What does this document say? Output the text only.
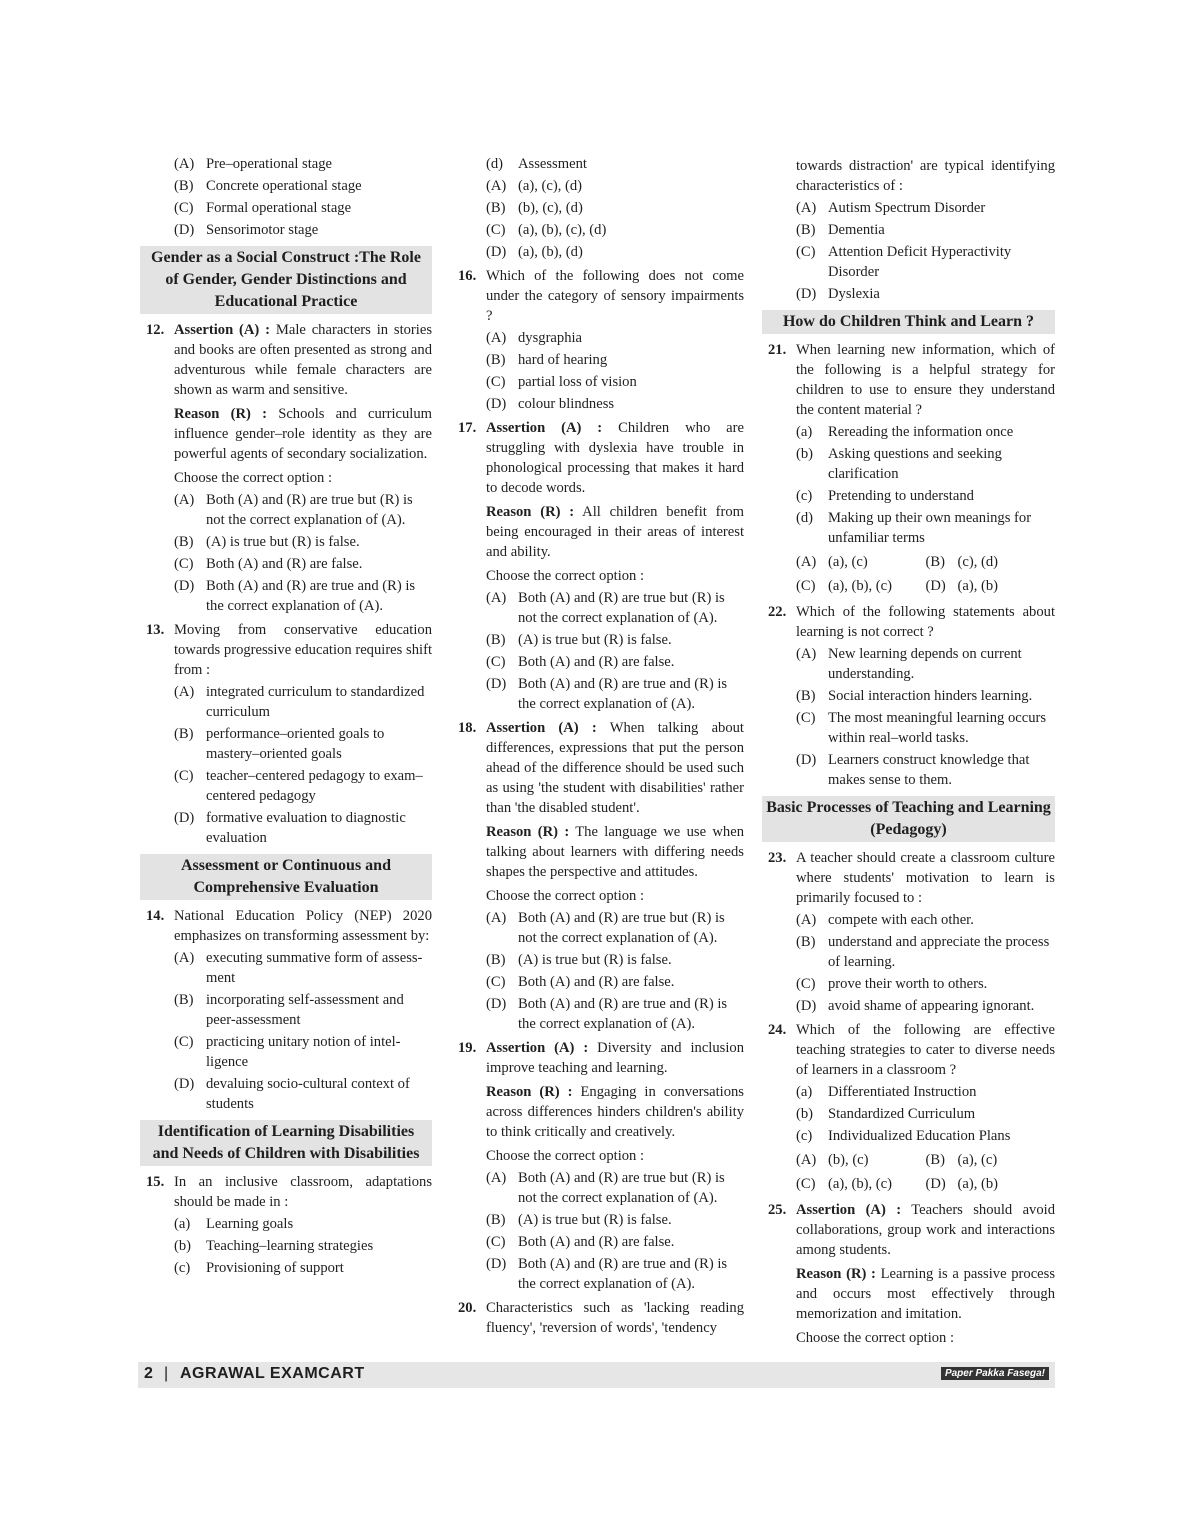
(A) Pre–operational stage
(B) Concrete operational stage
(C) Formal operational stage
(D) Sensorimotor stage
Gender as a Social Construct :The Role of Gender, Gender Distinctions and Educational Practice
12. Assertion (A) : Male characters in stories and books are often presented as strong and adventurous while female characters are shown as warm and sensitive.
Reason (R) : Schools and curriculum influence gender–role identity as they are powerful agents of secondary socialization.
Choose the correct option :
(A) Both (A) and (R) are true but (R) is not the correct explanation of (A).
(B) (A) is true but (R) is false.
(C) Both (A) and (R) are false.
(D) Both (A) and (R) are true and (R) is the correct explanation of (A).
13. Moving from conservative education towards progressive education requires shift from :
(A) integrated curriculum to standardized curriculum
(B) performance–oriented goals to mastery–oriented goals
(C) teacher–centered pedagogy to exam–centered pedagogy
(D) formative evaluation to diagnostic evaluation
Assessment or Continuous and Comprehensive Evaluation
14. National Education Policy (NEP) 2020 emphasizes on transforming assessment by:
(A) executing summative form of assess-ment
(B) incorporating self-assessment and peer-assessment
(C) practicing unitary notion of intel-ligence
(D) devaluing socio-cultural context of students
Identification of Learning Disabilities and Needs of Children with Disabilities
15. In an inclusive classroom, adaptations should be made in :
(a) Learning goals
(b) Teaching–learning strategies
(c) Provisioning of support
(d) Assessment
(A) (a), (c), (d)
(B) (b), (c), (d)
(C) (a), (b), (c), (d)
(D) (a), (b), (d)
16. Which of the following does not come under the category of sensory impairments ?
(A) dysgraphia
(B) hard of hearing
(C) partial loss of vision
(D) colour blindness
17. Assertion (A) : Children who are struggling with dyslexia have trouble in phonological processing that makes it hard to decode words.
Reason (R) : All children benefit from being encouraged in their areas of interest and ability.
Choose the correct option :
(A) Both (A) and (R) are true but (R) is not the correct explanation of (A).
(B) (A) is true but (R) is false.
(C) Both (A) and (R) are false.
(D) Both (A) and (R) are true and (R) is the correct explanation of (A).
18. Assertion (A) : When talking about differences, expressions that put the person ahead of the difference should be used such as using 'the student with disabilities' rather than 'the disabled student'.
Reason (R) : The language we use when talking about learners with differing needs shapes the perspective and attitudes.
Choose the correct option :
(A) Both (A) and (R) are true but (R) is not the correct explanation of (A).
(B) (A) is true but (R) is false.
(C) Both (A) and (R) are false.
(D) Both (A) and (R) are true and (R) is the correct explanation of (A).
19. Assertion (A) : Diversity and inclusion improve teaching and learning.
Reason (R) : Engaging in conversations across differences hinders children's ability to think critically and creatively.
Choose the correct option :
(A) Both (A) and (R) are true but (R) is not the correct explanation of (A).
(B) (A) is true but (R) is false.
(C) Both (A) and (R) are false.
(D) Both (A) and (R) are true and (R) is the correct explanation of (A).
20. Characteristics such as 'lacking reading fluency', 'reversion of words', 'tendency
towards distraction' are typical identifying characteristics of :
(A) Autism Spectrum Disorder
(B) Dementia
(C) Attention Deficit Hyperactivity Disorder
(D) Dyslexia
How do Children Think and Learn ?
21. When learning new information, which of the following is a helpful strategy for children to use to ensure they understand the content material ?
(a) Rereading the information once
(b) Asking questions and seeking clarification
(c) Pretending to understand
(d) Making up their own meanings for unfamiliar terms
(A) (a), (c)	(B) (c), (d)
(C) (a), (b), (c)	(D) (a), (b)
22. Which of the following statements about learning is not correct ?
(A) New learning depends on current understanding.
(B) Social interaction hinders learning.
(C) The most meaningful learning occurs within real–world tasks.
(D) Learners construct knowledge that makes sense to them.
Basic Processes of Teaching and Learning (Pedagogy)
23. A teacher should create a classroom culture where students' motivation to learn is primarily focused to :
(A) compete with each other.
(B) understand and appreciate the process of learning.
(C) prove their worth to others.
(D) avoid shame of appearing ignorant.
24. Which of the following are effective teaching strategies to cater to diverse needs of learners in a classroom ?
(a) Differentiated Instruction
(b) Standardized Curriculum
(c) Individualized Education Plans
(A) (b), (c)	(B) (a), (c)
(C) (a), (b), (c)	(D) (a), (b)
25. Assertion (A) : Teachers should avoid collaborations, group work and interactions among students.
Reason (R) : Learning is a passive process and occurs most effectively through memorization and imitation.
Choose the correct option :
2 | AGRAWAL EXAMCART	Paper Pakka Fasega!
